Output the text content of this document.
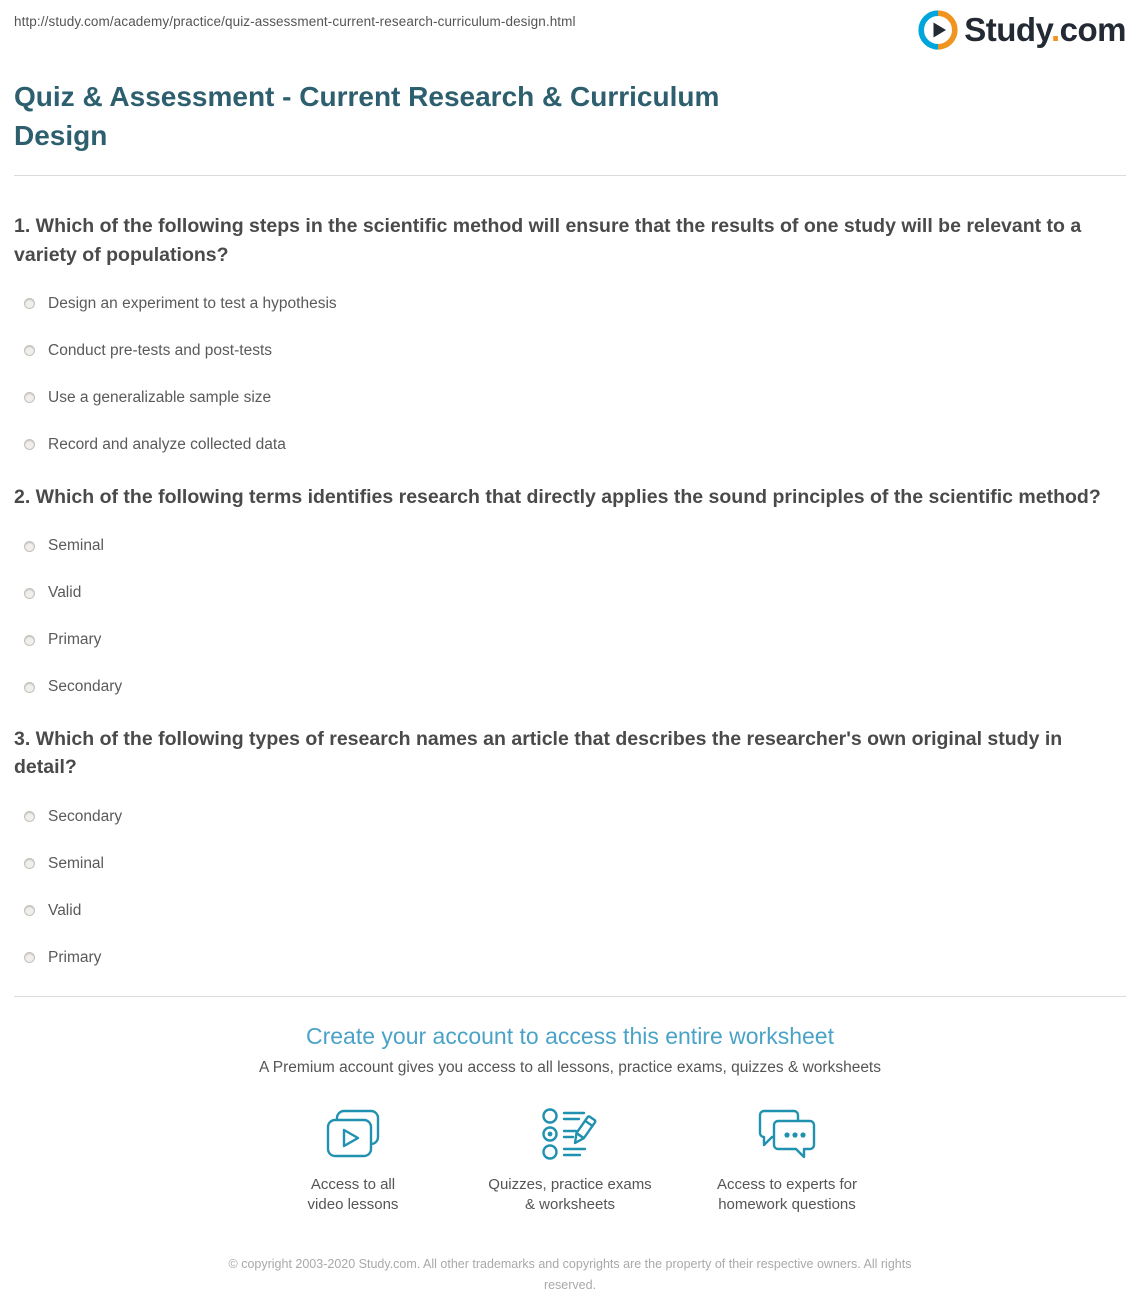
http://study.com/academy/practice/quiz-assessment-current-research-curriculum-design.html	Study.com
Quiz & Assessment - Current Research & Curriculum Design
1. Which of the following steps in the scientific method will ensure that the results of one study will be relevant to a variety of populations?
Design an experiment to test a hypothesis
Conduct pre-tests and post-tests
Use a generalizable sample size
Record and analyze collected data
2. Which of the following terms identifies research that directly applies the sound principles of the scientific method?
Seminal
Valid
Primary
Secondary
3. Which of the following types of research names an article that describes the researcher's own original study in detail?
Secondary
Seminal
Valid
Primary
Create your account to access this entire worksheet
A Premium account gives you access to all lessons, practice exams, quizzes & worksheets
Access to all
video lessons
Quizzes, practice exams
& worksheets
Access to experts for
homework questions
© copyright 2003-2020 Study.com. All other trademarks and copyrights are the property of their respective owners. All rights reserved.
